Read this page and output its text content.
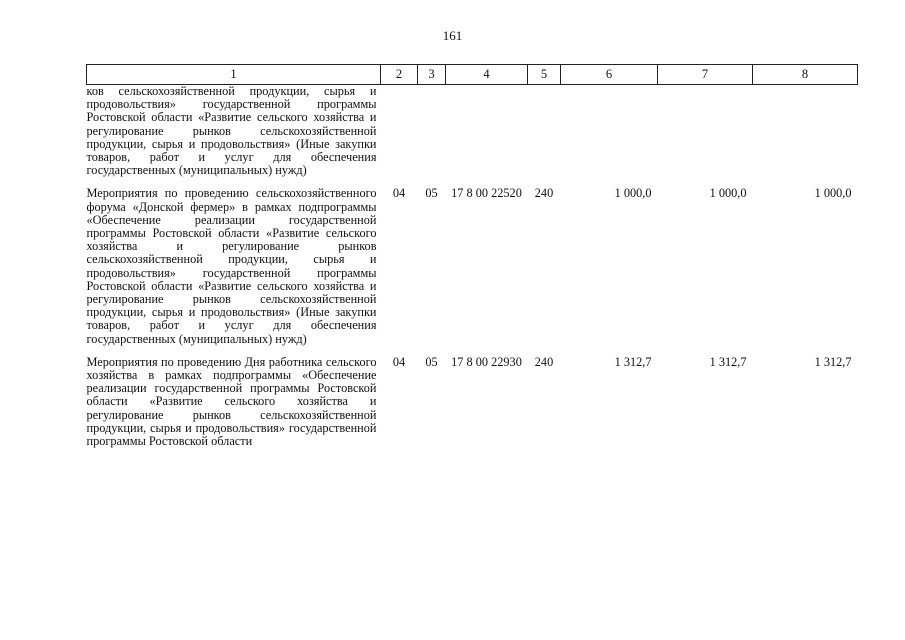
161
1	2	3	4	5	6	7	8
ков сельскохозяйственной продукции, сырья и продовольствия» государственной программы Ростовской области «Развитие сельского хозяйства и регулирование рынков сельскохозяйственной продукции, сырья и продовольствия» (Иные закупки товаров, работ и услуг для обеспечения государственных (муниципальных) нужд)							
Мероприятия по проведению сельскохозяйственного форума «Донской фермер» в рамках подпрограммы «Обеспечение реализации государственной программы Ростовской области «Развитие сельского хозяйства и регулирование рынков сельскохозяйственной продукции, сырья и продовольствия» государственной программы Ростовской области «Развитие сельского хозяйства и регулирование рынков сельскохозяйственной продукции, сырья и продовольствия» (Иные закупки товаров, работ и услуг для обеспечения государственных (муниципальных) нужд)	04	05	17 8 00 22520	240	1 000,0	1 000,0	1 000,0
Мероприятия по проведению Дня работника сельского хозяйства в рамках подпрограммы «Обеспечение реализации государственной программы Ростовской области «Развитие сельского хозяйства и регулирование рынков сельскохозяйственной продукции, сырья и продовольствия» государственной программы Ростовской области	04	05	17 8 00 22930	240	1 312,7	1 312,7	1 312,7
